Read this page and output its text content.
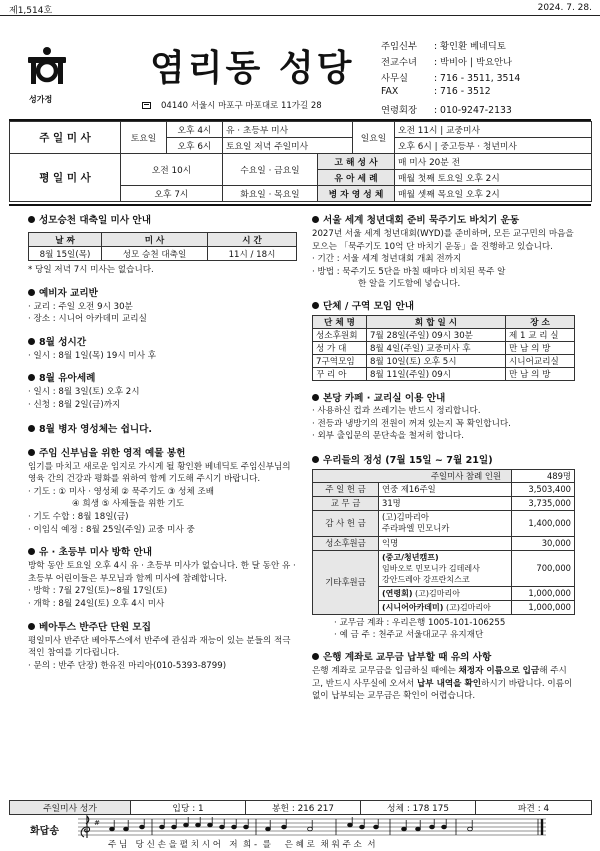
제1,514호	2024. 7. 28.
성가정
염리동 성당
04140 서울시 마포구 마포대로 11가길 28
주임신부 : 황인환 베네딕토
전교수녀 : 박비아 | 박요안나
사무실 : 716 - 3511, 3514
FAX	: 716 - 3512
연령회장 : 010-9247-2133
주 일 미 사	토요일	오후 4시	유 · 초등부 미사		일요일	오전 11시 | 교중미사
		오후 6시	토요일 저녁 주일미사			오후 6시 | 중고등부 · 청년미사
평 일 미 사	오전 10시		수요일 · 금요일	고 해 성 사		매 미사 20분 전
				유 아 세 례		매월 첫째 토요일 오후 2시
	오후 7시		화요일 · 목요일	병 자 영 성 체		매월 셋째 목요일 오후 2시
성모승천 대축일 미사 안내
날 짜	미 사	시 간
8월 15일(목)	성모 승천 대축일	11시 / 18시
* 당일 저녁 7시 미사는 없습니다.
예비자 교리반
· 교리 : 주일 오전 9시 30분
· 장소 : 시니어 아카데미 교리실
8월 성시간
· 일시 : 8월 1일(목) 19시 미사 후
8월 유아세례
· 일시 : 8월 3일(토) 오후 2시
· 신청 : 8월 2일(금)까지
8월 병자 영성체는 쉽니다.
주임 신부님을 위한 영적 예물 봉헌
임기를 마치고 새로운 임지로 가시게 될 황인환 베네딕토 주임신부님의 영육 간의 건강과 평화를 위하여 함께 기도해 주시기 바랍니다.
· 기도 : ① 미사 · 영성체 ② 묵주기도 ③ 성체 조배
④ 희생 ⑤ 사제들을 위한 기도
· 기도 수합 : 8월 18일(금)
· 이임식 예정 : 8월 25일(주일) 교중 미사 중
유 · 초등부 미사 방학 안내
방학 동안 토요일 오후 4시 유 · 초등부 미사가 없습니다. 한 달 동안 유 · 초등부 어린이들은 부모님과 함께 미사에 참례합니다.
· 방학 : 7월 27일(토)~8월 17일(토)
· 개학 : 8월 24일(토) 오후 4시 미사
베아투스 반주단 단원 모집
평일미사 반주단 베아투스에서 반주에 관심과 재능이 있는 분들의 적극적인 참여를 기다립니다.
· 문의 : 반주 단장) 한유진 마리아(010-5393-8799)
서울 세계 청년대회 준비 묵주기도 바치기 운동
2027년 서울 세계 청년대회(WYD)를 준비하며, 모든 교구민의 마음을 모으는 「묵주기도 10억 단 바치기 운동」을 진행하고 있습니다.
· 기간 : 서울 세계 청년대회 개최 전까지
· 방법 : 묵주기도 5단을 바칠 때마다 비치된 묵주 알
한 알을 기도함에 넣습니다.
단체 / 구역 모임 안내
단 체 명	회 합 일 시	장 소
성소후원회	7월 28일(주일) 09시 30분	제 1 교 리 실
성 가 대	8월 4일(주일) 교중미사 후	만 남 의 방
7구역모임	8월 10일(토) 오후 5시	시니어교리실
꾸 리 아	8월 11일(주일) 09시	만 남 의 방
본당 카페 · 교리실 이용 안내
· 사용하신 컵과 쓰레기는 반드시 정리합니다.
· 전등과 냉방기의 전원이 꺼져 있는지 꼭 확인합니다.
· 외부 출입문의 문단속을 철저히 합니다.
우리들의 정성 (7월 15일 ~ 7월 21일)
주일미사 참례 인원		489명
주 일 헌 금	연중 제16주일	3,503,400
교 무 금	31명	3,735,000
감 사 헌 금	(고)김마리아
주라파엘 민모니카	1,400,000
성소후원금	익명	30,000
기타후원금	(중고/청년캠프)
임바오로 민모니카 김데레사
강안드레아 강프란치스코	700,000
	(연령회) (고)김마리아	1,000,000
	(시니어아카데미) (고)김마리아	1,000,000
· 교무금 계좌 : 우리은행 1005-101-106255
· 예 금 주 : 천주교 서울대교구 유지재단
은행 계좌로 교무금 납부할 때 유의 사항
은행 계좌로 교무금을 입금하실 때에는 채정자 이름으로 입금해 주시고, 반드시 사무실에 오셔서 납부 내역을 확인하시기 바랍니다. 이름이 없이 납부되는 교무금은 확인이 어렵습니다.
주일미사 성가	입당 : 1	봉헌 : 216 217	성체 : 178 175	파견 : 4
화답송
#
주 님   당 신 손 을 펼 치 시 어   저  희 -  를     은 혜 로  채 워 주 소  서
